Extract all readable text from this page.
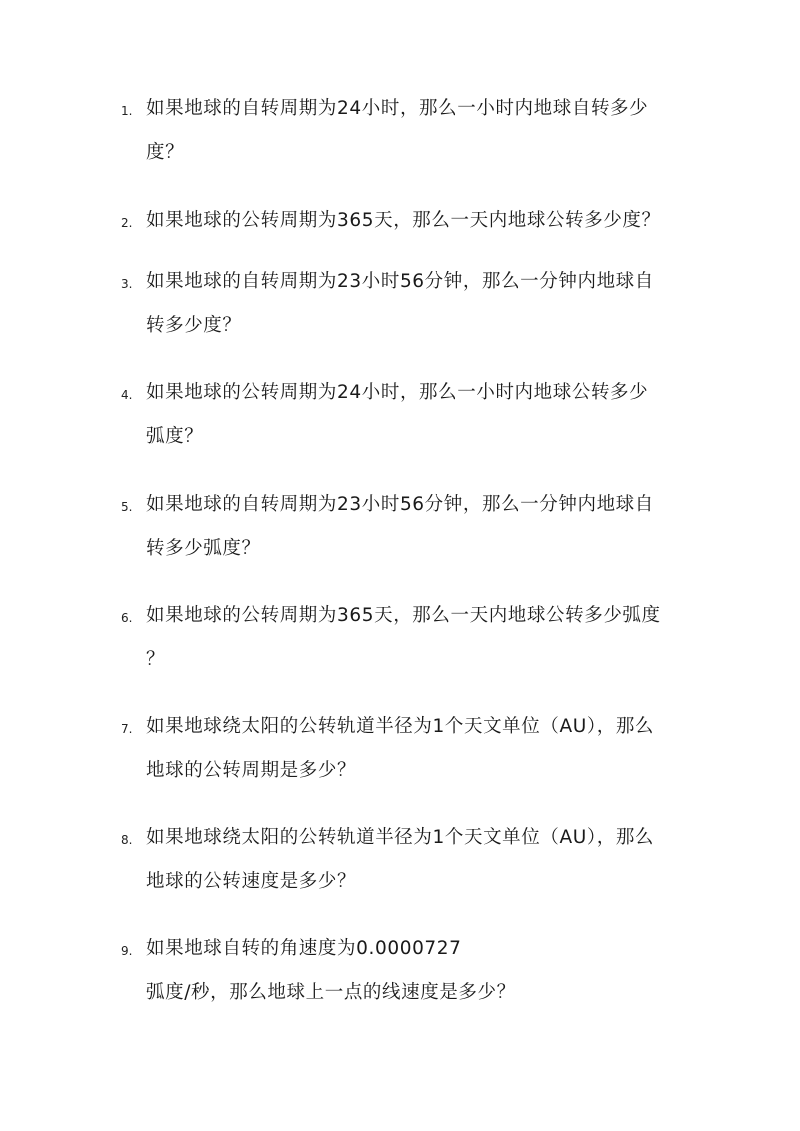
1. 如果地球的自转周期为24小时，那么一小时内地球自转多少
度？
2. 如果地球的公转周期为365天，那么一天内地球公转多少度？
3. 如果地球的自转周期为23小时56分钟，那么一分钟内地球自
转多少度？
4. 如果地球的公转周期为24小时，那么一小时内地球公转多少
弧度？
5. 如果地球的自转周期为23小时56分钟，那么一分钟内地球自
转多少弧度？
6. 如果地球的公转周期为365天，那么一天内地球公转多少弧度
？
7. 如果地球绕太阳的公转轨道半径为1个天文单位（AU），那么
地球的公转周期是多少？
8. 如果地球绕太阳的公转轨道半径为1个天文单位（AU），那么
地球的公转速度是多少？
9. 如果地球自转的角速度为0.0000727
弧度/秒，那么地球上一点的线速度是多少？
